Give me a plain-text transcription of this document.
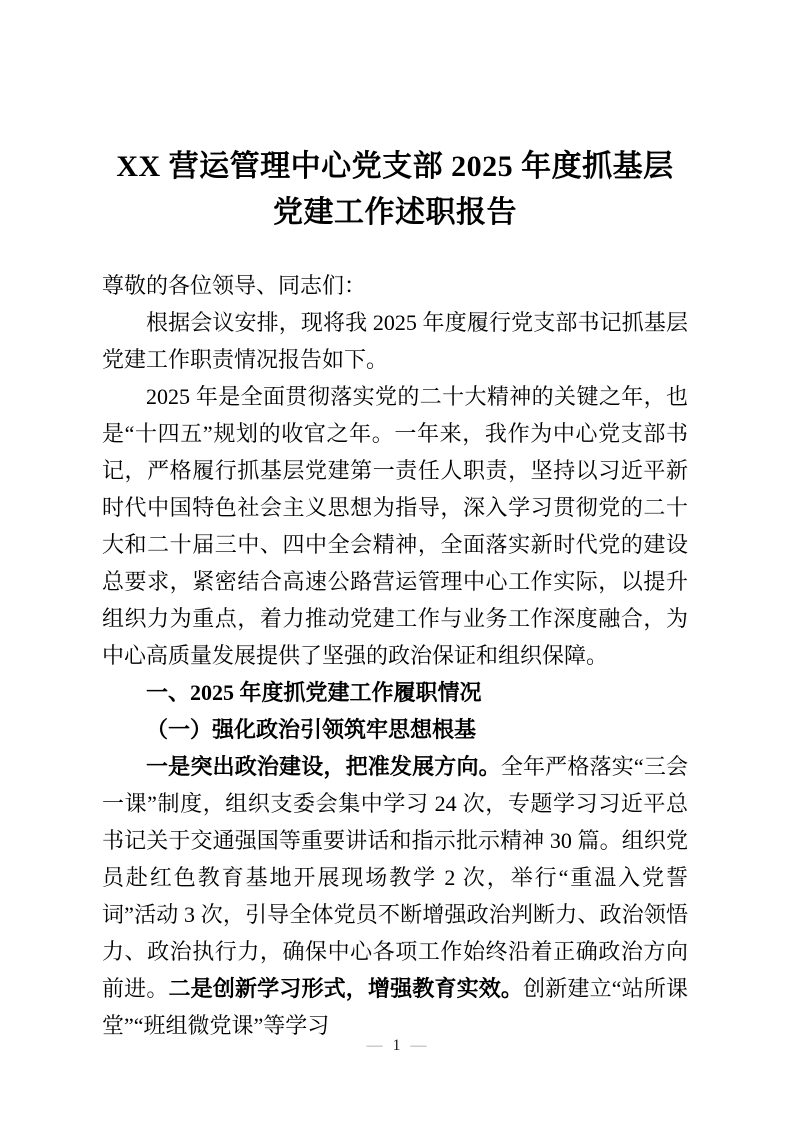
XX 营运管理中心党支部 2025 年度抓基层
党建工作述职报告

尊敬的各位领导、同志们：

根据会议安排，现将我 2025 年度履行党支部书记抓基层党建工作职责情况报告如下。

2025 年是全面贯彻落实党的二十大精神的关键之年，也是“十四五”规划的收官之年。一年来，我作为中心党支部书记，严格履行抓基层党建第一责任人职责，坚持以习近平新时代中国特色社会主义思想为指导，深入学习贯彻党的二十大和二十届三中、四中全会精神，全面落实新时代党的建设总要求，紧密结合高速公路营运管理中心工作实际，以提升组织力为重点，着力推动党建工作与业务工作深度融合，为中心高质量发展提供了坚强的政治保证和组织保障。

一、2025 年度抓党建工作履职情况

（一）强化政治引领筑牢思想根基

一是突出政治建设，把准发展方向。全年严格落实“三会一课”制度，组织支委会集中学习 24 次，专题学习习近平总书记关于交通强国等重要讲话和指示批示精神 30 篇。组织党员赴红色教育基地开展现场教学 2 次，举行“重温入党誓词”活动 3 次，引导全体党员不断增强政治判断力、政治领悟力、政治执行力，确保中心各项工作始终沿着正确政治方向前进。二是创新学习形式，增强教育实效。创新建立“站所课堂”“班组微党课”等学习

— 1 —
